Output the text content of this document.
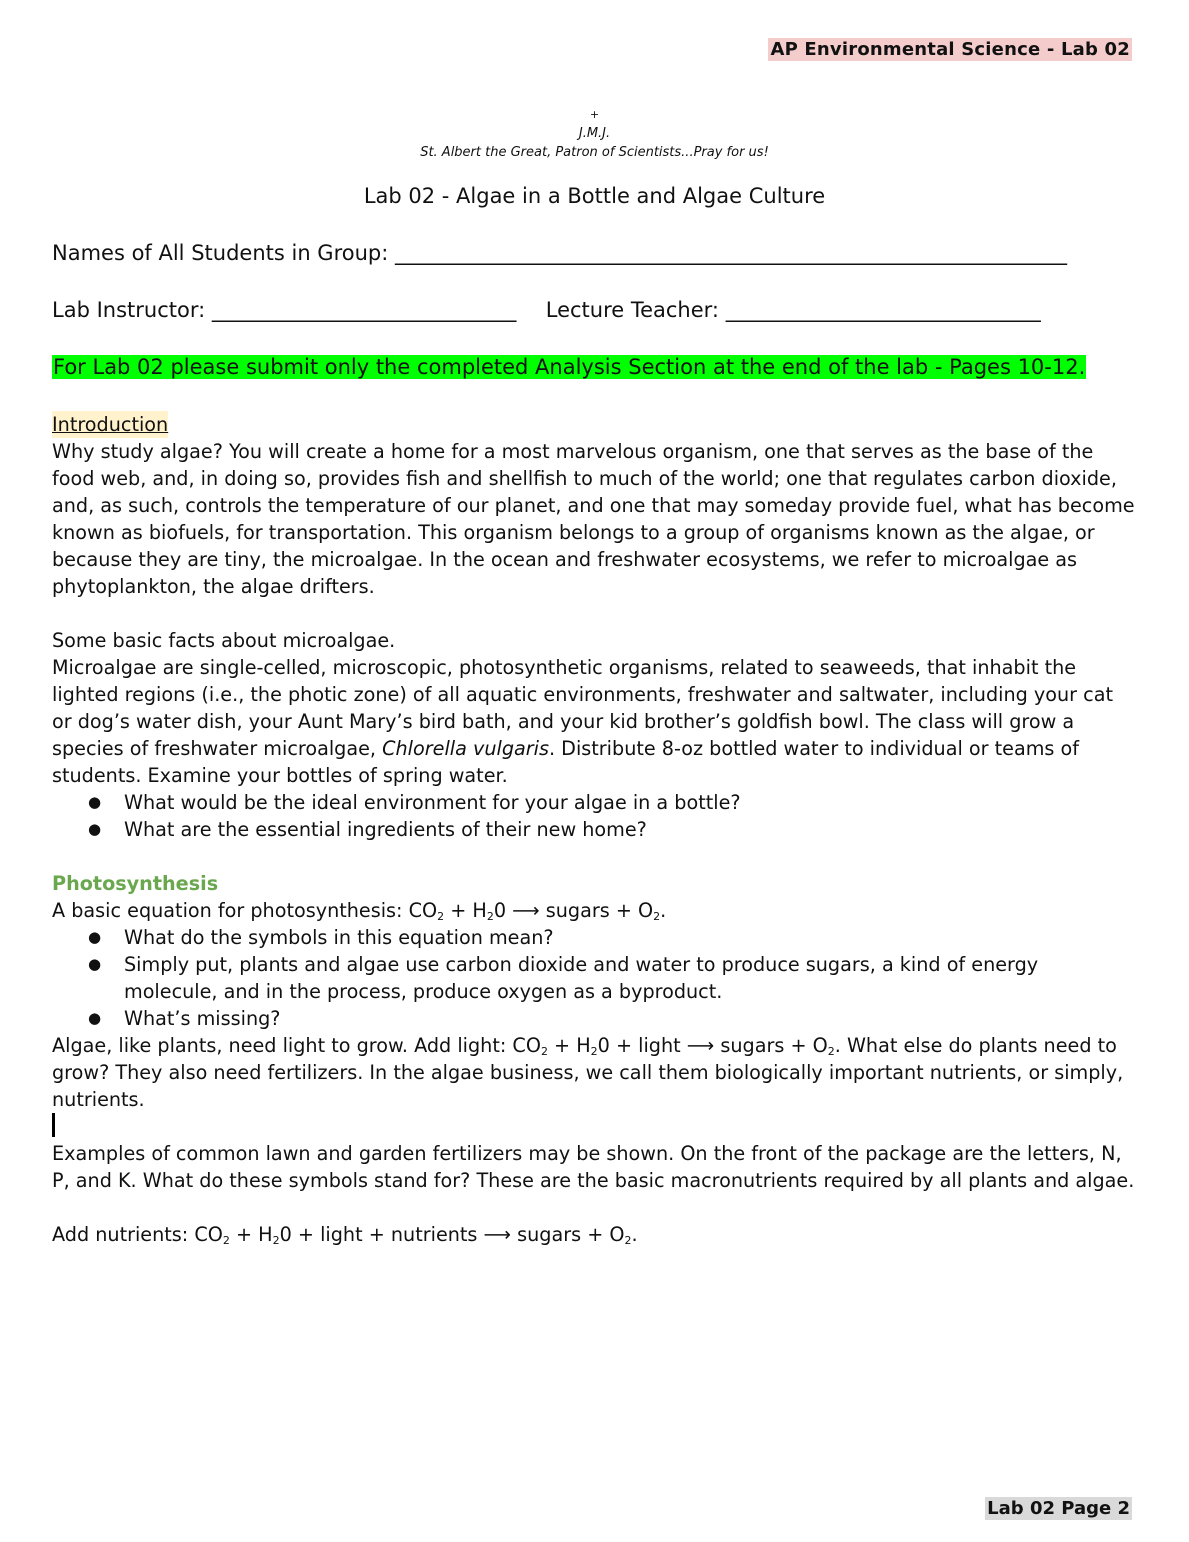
AP Environmental Science - Lab 02
+
J.M.J.
St. Albert the Great, Patron of Scientists...Pray for us!
Lab 02 - Algae in a Bottle and Algae Culture
Names of All Students in Group: ________________________________________________________________
Lab Instructor: _____________________________ Lecture Teacher: ______________________________
For Lab 02 please submit only the completed Analysis Section at the end of the lab - Pages 10-12.
Introduction

Why study algae? You will create a home for a most marvelous organism, one that serves as the base of the food web, and, in doing so, provides fish and shellfish to much of the world; one that regulates carbon dioxide, and, as such, controls the temperature of our planet, and one that may someday provide fuel, what has become known as biofuels, for transportation. This organism belongs to a group of organisms known as the algae, or because they are tiny, the microalgae. In the ocean and freshwater ecosystems, we refer to microalgae as phytoplankton, the algae drifters.

Some basic facts about microalgae.

Microalgae are single-celled, microscopic, photosynthetic organisms, related to seaweeds, that inhabit the lighted regions (i.e., the photic zone) of all aquatic environments, freshwater and saltwater, including your cat or dog’s water dish, your Aunt Mary’s bird bath, and your kid brother’s goldfish bowl. The class will grow a species of freshwater microalgae, Chlorella vulgaris. Distribute 8-oz bottled water to individual or teams of students. Examine your bottles of spring water.

● What would be the ideal environment for your algae in a bottle?
● What are the essential ingredients of their new home?
Photosynthesis

A basic equation for photosynthesis: $CO_2 + H_20$ ⟶ sugars + $O_2$.

● What do the symbols in this equation mean?
● Simply put, plants and algae use carbon dioxide and water to produce sugars, a kind of energy molecule, and in the process, produce oxygen as a byproduct.
● What’s missing?

Algae, like plants, need light to grow. Add light: $CO_2 + H_20$ + light ⟶ sugars + $O_2$. What else do plants need to grow? They also need fertilizers. In the algae business, we call them biologically important nutrients, or simply, nutrients.

Examples of common lawn and garden fertilizers may be shown. On the front of the package are the letters, N, P, and K. What do these symbols stand for? These are the basic macronutrients required by all plants and algae.

Add nutrients: $CO_2 + H_20$ + light + nutrients ⟶ sugars + $O_2$.

Lab 02 Page 2
